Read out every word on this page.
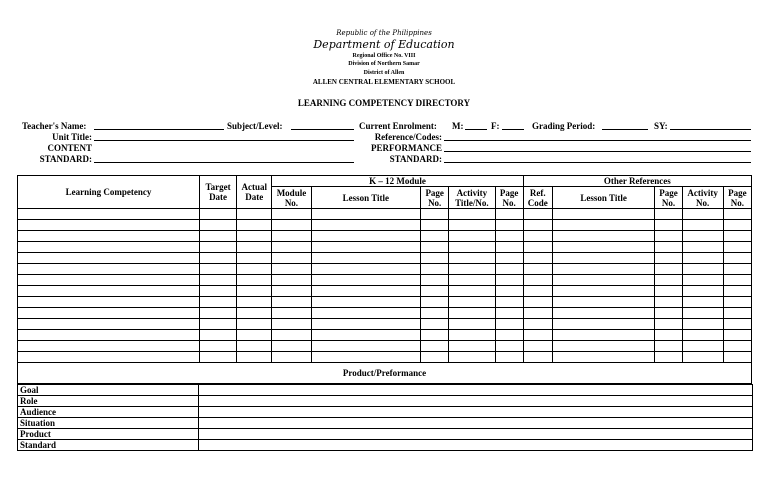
Republic of the Philippines
Department of Education
Regional Office No. VIII
Division of Northern Samar
District of Allen
ALLEN CENTRAL ELEMENTARY SCHOOL
LEARNING COMPETENCY DIRECTORY
Teacher's Name:	Subject/Level:	Current Enrolment: M:	F:	Grading Period:	SY:
Unit Title:	Reference/Codes:
CONTENT
STANDARD:
PERFORMANCE
STANDARD:
Learning Competency	Target Date	Actual Date	K – 12 Module					Other References				
			Module No.	Lesson Title	Page No.	Activity Title/No.	Page No.	Ref. Code	Lesson Title	Page No.	Activity No.	Page No.

Product/Preformance												
Goal	
Role	
Audience	
Situation	
Product	
Standard	
